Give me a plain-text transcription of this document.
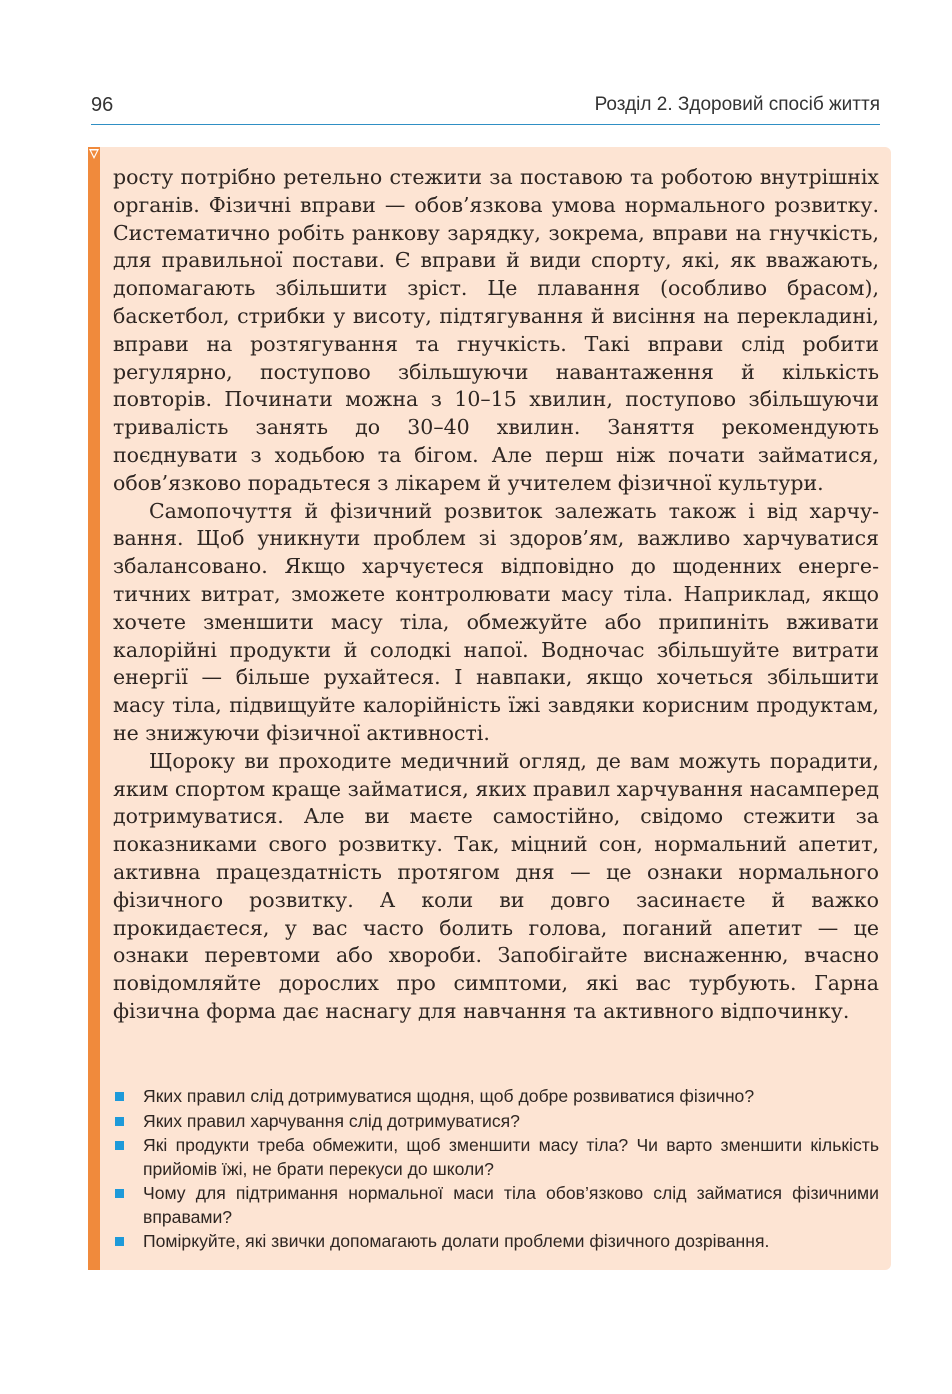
96	Розділ 2. Здоровий спосіб життя

росту потрібно ретельно стежити за поставою та роботою внутрішніх органів. Фізичні вправи — обов’язкова умова нормального розвитку. Систематично робіть ранкову зарядку, зокрема, вправи на гнучкість, для правильної постави. Є вправи й види спорту, які, як вважають, допомагають збільшити зріст. Це плавання (особливо брасом), баскетбол, стрибки у висоту, підтягування й висіння на перекладині, вправи на розтягування та гнучкість. Такі вправи слід робити регулярно, поступово збільшуючи навантаження й кількість повторів. Починати можна з 10–15 хвилин, поступово збільшуючи тривалість занять до 30–40 хвилин. Заняття рекомендують поєднувати з ходьбою та бігом. Але перш ніж почати займатися, обов’язково порадьтеся з лікарем й учителем фізичної культури.

Самопочуття й фізичний розвиток залежать також і від харчування. Щоб уникнути проблем зі здоров’ям, важливо харчуватися збалансовано. Якщо харчуєтеся відповідно до щоденних енергетичних витрат, зможете контролювати масу тіла. Наприклад, якщо хочете зменшити масу тіла, обмежуйте або припиніть вживати калорійні продукти й солодкі напої. Водночас збільшуйте витрати енергії — більше рухайтеся. І навпаки, якщо хочеться збільшити масу тіла, підвищуйте калорійність їжі завдяки корисним продуктам, не знижуючи фізичної активності.

Щороку ви проходите медичний огляд, де вам можуть порадити, яким спортом краще займатися, яких правил харчування насамперед дотримуватися. Але ви маєте самостійно, свідомо стежити за показниками свого розвитку. Так, міцний сон, нормальний апетит, активна працездатність протягом дня — це ознаки нормального фізичного розвитку. А коли ви довго засинаєте й важко прокидаєтеся, у вас часто болить голова, поганий апетит — це ознаки перевтоми або хвороби. Запобігайте виснаженню, вчасно повідомляйте дорослих про симптоми, які вас турбують. Гарна фізична форма дає наснагу для навчання та активного відпочинку.

Яких правил слід дотримуватися щодня, щоб добре розвиватися фізично?
Яких правил харчування слід дотримуватися?
Які продукти треба обмежити, щоб зменшити масу тіла? Чи варто зменшити кількість прийомів їжі, не брати перекуси до школи?
Чому для підтримання нормальної маси тіла обов’язково слід займатися фізичними вправами?
Поміркуйте, які звички допомагають долати проблеми фізичного дозрівання.
